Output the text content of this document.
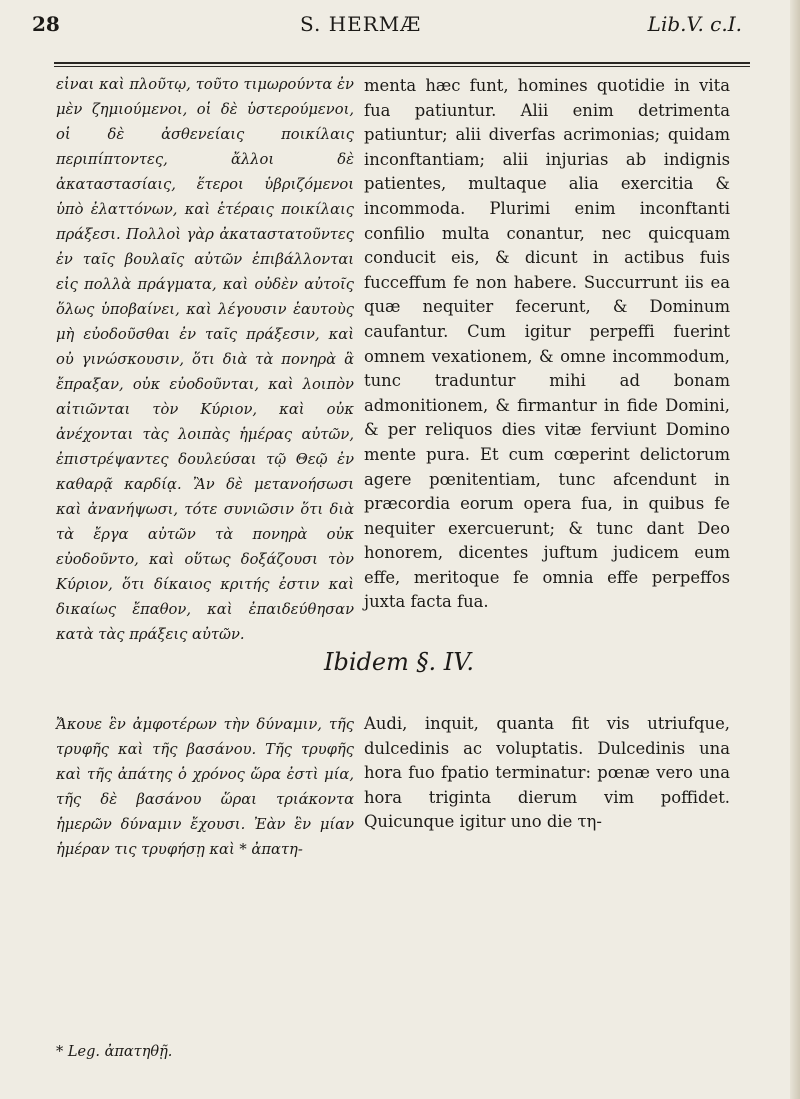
28	S. HERMÆ	Lib.V. c.I.

εἰναι καὶ πλοῦτῳ, τοῦτο τιμωρούντα ἐν μὲν ζημιούμενοι, οἱ δὲ ὑστερούμενοι, οἱ δὲ ἀσθενείαις ποικίλαις περιπίπτοντες, ἄλλοι δὲ ἀκαταστασίαις, ἕτεροι ὑβριζόμενοι ὑπὸ ἐλαττόνων, καὶ ἑτέραις ποικίλαις πράξεσι. Πολλοὶ γὰρ ἀκαταστατοῦντες ἐν ταῖς βουλαῖς αὐτῶν ἐπιβάλλονται εἰς πολλὰ πράγματα, καὶ οὐδὲν αὐτοῖς ὅλως ὑποβαίνει, καὶ λέγουσιν ἑαυτοὺς μὴ εὐοδοῦσθαι ἐν ταῖς πράξεσιν, καὶ οὐ γινώσκουσιν, ὅτι διὰ τὰ πονηρὰ ἃ ἔπραξαν, οὐκ εὐοδοῦνται, καὶ λοιπὸν αἰτιῶνται τὸν Κύριον, καὶ οὐκ ἀνέχονται τὰς λοιπὰς ἡμέρας αὐτῶν, ἐπιστρέψαντες δουλεύσαι τῷ Θεῷ ἐν καθαρᾷ καρδίᾳ. Ἂν δὲ μετανοήσωσι καὶ ἀνανήψωσι, τότε συνιῶσιν ὅτι διὰ τὰ ἔργα αὐτῶν τὰ πονηρὰ οὐκ εὐοδοῦντο, καὶ οὕτως δοξάζουσι τὸν Κύριον, ὅτι δίκαιος κριτής ἐστιν καὶ δικαίως ἔπαθον, καὶ ἐπαιδεύθησαν κατὰ τὰς πράξεις αὐτῶν.

menta hæc funt, homines quotidie in vita fua patiuntur. Alii enim detrimenta patiuntur; alii diverfas acrimonias; quidam inconftantiam; alii injurias ab indignis patientes, multaque alia exercitia & incommoda. Plurimi enim inconftanti confilio multa conantur, nec quicquam conducit eis, & dicunt in actibus fuis fucceffum fe non habere. Succurrunt iis ea quæ nequiter fecerunt, & Dominum caufantur. Cum igitur perpeffi fuerint omnem vexationem, & omne incommodum, tunc traduntur mihi ad bonam admonitionem, & firmantur in fide Domini, & per reliquos dies vitæ ferviunt Domino mente pura. Et cum cœperint delictorum agere pœnitentiam, tunc afcendunt in præcordia eorum opera fua, in quibus fe nequiter exercuerunt; & tunc dant Deo honorem, dicentes juftum judicem eum effe, meritoque fe omnia effe perpeffos juxta facta fua.

Ibidem §. IV.

Ἄκουε ἓν ἀμφοτέρων τὴν δύναμιν, τῆς τρυφῆς καὶ τῆς βασάνου. Τῆς τρυφῆς καὶ τῆς ἀπάτης ὁ χρόνος ὥρα ἐστὶ μία, τῆς δὲ βασάνου ὥραι τριάκοντα ἡμερῶν δύναμιν ἔχουσι. Ἐὰν ἓν μίαν ἡμέραν τις τρυφήσῃ καὶ * ἀπατη-

Audi, inquit, quanta fit vis utriufque, dulcedinis ac voluptatis. Dulcedinis una hora fuo fpatio terminatur: pœnæ vero una hora triginta dierum vim poffidet. Quicunque igitur uno die τη-

* Leg. ἀπατηθῇ.
